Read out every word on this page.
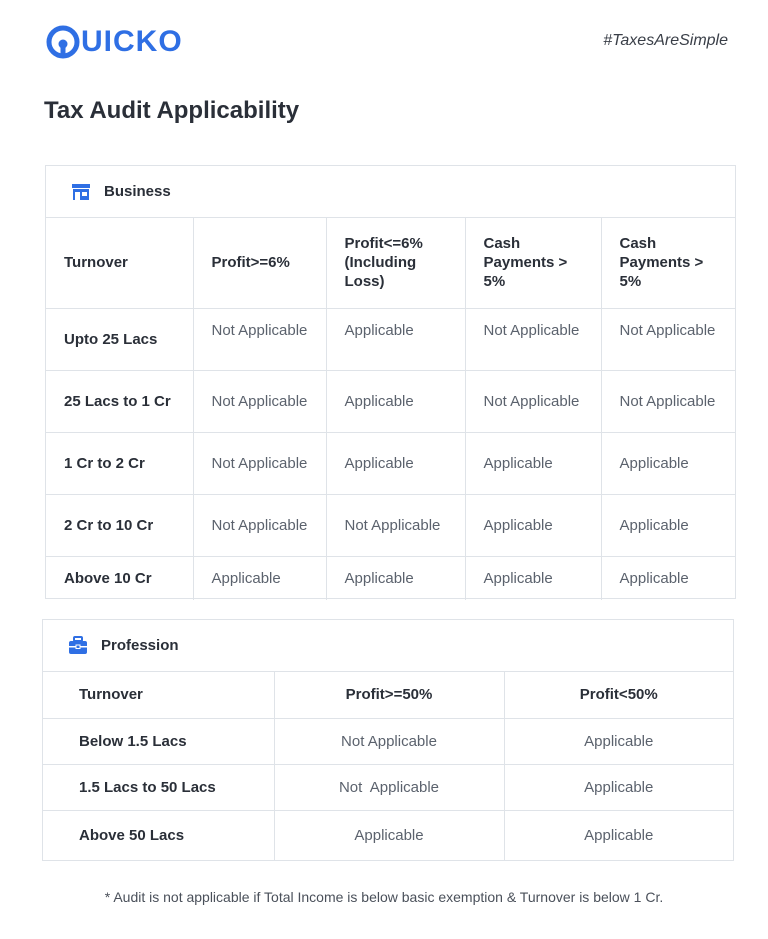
UICKO	#TaxesAreSimple
Tax Audit Applicability
Business
Turnover	Profit>=6%	Profit<=6% (Including Loss)	Cash Payments > 5%	Cash Payments > 5%
Upto 25 Lacs	Not Applicable	Applicable	Not Applicable	Not Applicable
25 Lacs to 1 Cr	Not Applicable	Applicable	Not Applicable	Not Applicable
1 Cr to 2 Cr	Not Applicable	Applicable	Applicable	Applicable
2 Cr to 10 Cr	Not Applicable	Not Applicable	Applicable	Applicable
Above 10 Cr	Applicable	Applicable	Applicable	Applicable
Profession
Turnover	Profit>=50%	Profit<50%
Below 1.5 Lacs	Not Applicable	Applicable
1.5 Lacs to 50 Lacs	Not  Applicable	Applicable
Above 50 Lacs	Applicable	Applicable
* Audit is not applicable if Total Income is below basic exemption & Turnover is below 1 Cr.
